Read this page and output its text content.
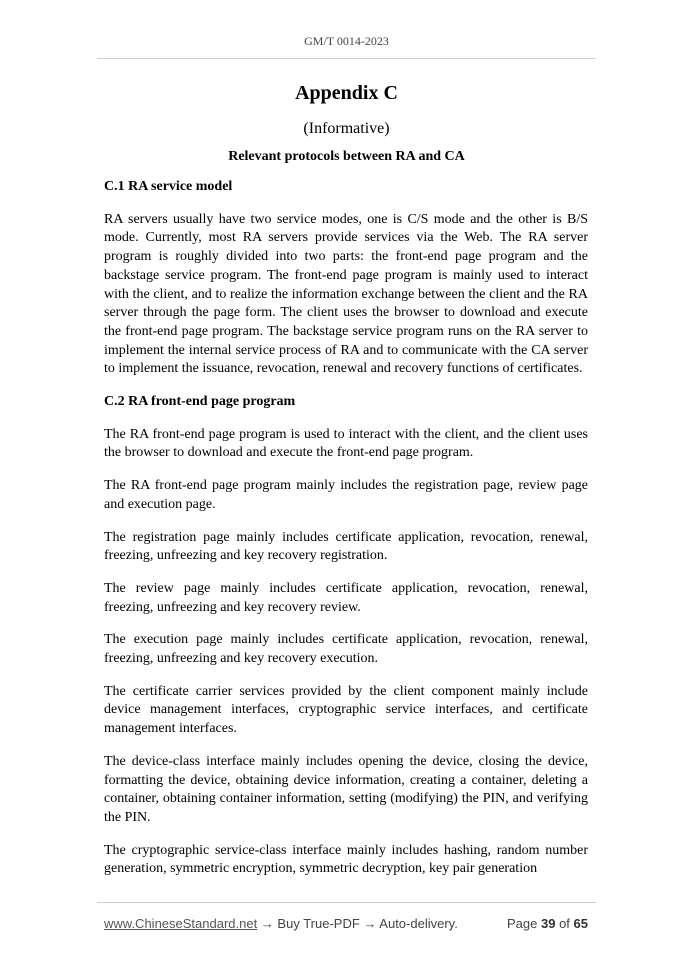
GM/T 0014-2023
Appendix C
(Informative)
Relevant protocols between RA and CA
C.1 RA service model

RA servers usually have two service modes, one is C/S mode and the other is B/S mode. Currently, most RA servers provide services via the Web. The RA server program is roughly divided into two parts: the front-end page program and the backstage service program. The front-end page program is mainly used to interact with the client, and to realize the information exchange between the client and the RA server through the page form. The client uses the browser to download and execute the front-end page program. The backstage service program runs on the RA server to implement the internal service process of RA and to communicate with the CA server to implement the issuance, revocation, renewal and recovery functions of certificates.

C.2 RA front-end page program

The RA front-end page program is used to interact with the client, and the client uses the browser to download and execute the front-end page program.

The RA front-end page program mainly includes the registration page, review page and execution page.

The registration page mainly includes certificate application, revocation, renewal, freezing, unfreezing and key recovery registration.

The review page mainly includes certificate application, revocation, renewal, freezing, unfreezing and key recovery review.

The execution page mainly includes certificate application, revocation, renewal, freezing, unfreezing and key recovery execution.

The certificate carrier services provided by the client component mainly include device management interfaces, cryptographic service interfaces, and certificate management interfaces.

The device-class interface mainly includes opening the device, closing the device, formatting the device, obtaining device information, creating a container, deleting a container, obtaining container information, setting (modifying) the PIN, and verifying the PIN.

The cryptographic service-class interface mainly includes hashing, random number generation, symmetric encryption, symmetric decryption, key pair generation

www.ChineseStandard.net → Buy True-PDF → Auto-delivery.	Page 39 of 65
